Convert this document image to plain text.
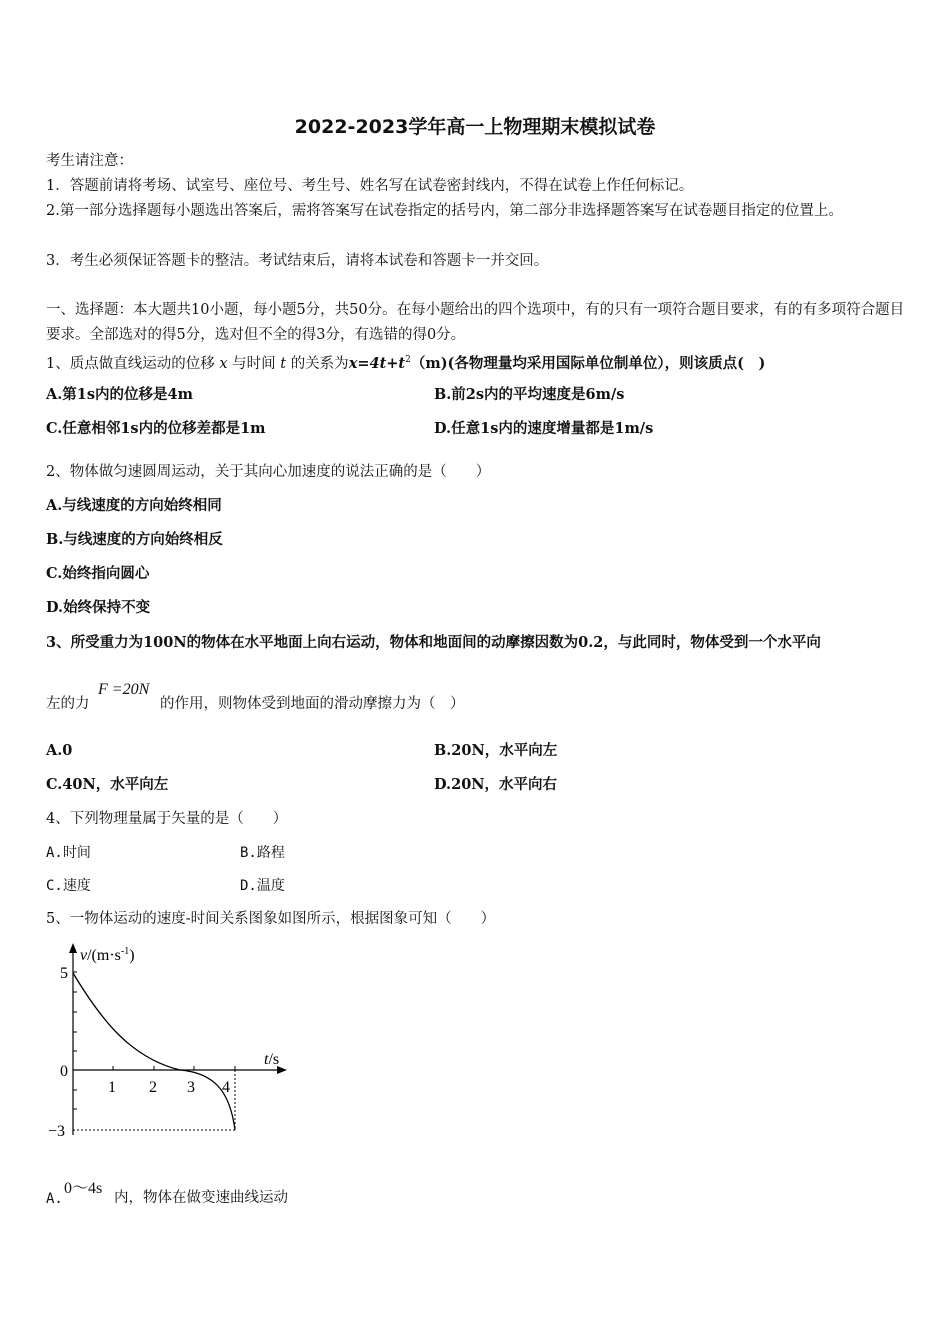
2022-2023学年高一上物理期末模拟试卷
考生请注意：
1．答题前请将考场、试室号、座位号、考生号、姓名写在试卷密封线内，不得在试卷上作任何标记。
2.第一部分选择题每小题选出答案后，需将答案写在试卷指定的括号内，第二部分非选择题答案写在试卷题目指定的位置上。
3．考生必须保证答题卡的整洁。考试结束后，请将本试卷和答题卡一并交回。
一、选择题：本大题共10小题，每小题5分，共50分。在每小题给出的四个选项中，有的只有一项符合题目要求，有的有多项符合题目要求。全部选对的得5分，选对但不全的得3分，有选错的得0分。
1、质点做直线运动的位移 x 与时间 t 的关系为$x=4t+t^2(m)$(各物理量均采用国际单位制单位），则该质点(　)
A.第1s内的位移是4m	B.前2s内的平均速度是6m/s
C.任意相邻1s内的位移差都是1m	D.任意1s内的速度增量都是1m/s
2、物体做匀速圆周运动，关于其向心加速度的说法正确的是（　　）
A.与线速度的方向始终相同
B.与线速度的方向始终相反
C.始终指向圆心
D.始终保持不变
3、所受重力为100N的物体在水平地面上向右运动，物体和地面间的动摩擦因数为0.2，与此同时，物体受到一个水平向
左的力
F =20N
的作用，则物体受到地面的滑动摩擦力为（　）
A.0	B.20N，水平向左
C.40N，水平向左	D.20N，水平向右
4、下列物理量属于矢量的是（　　）
A.时间	B.路程
C.速度	D.温度
5、一物体运动的速度-时间关系图象如图所示，根据图象可知（　　）
$v/(m\cdot s^{-1})$
t/s
5
0
−3
1 2 3 4
A.
0～4s
内，物体在做变速曲线运动
